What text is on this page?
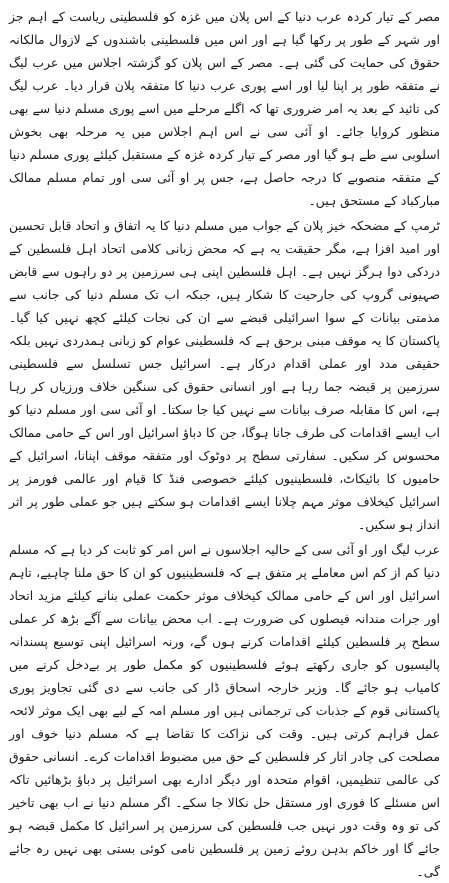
مصر کے تیار کردہ عرب دنیا کے اس پلان میں غزہ کو فلسطینی ریاست کے اہم جز اور شہر کے طور پر رکھا گیا ہے اور اس میں فلسطینی باشندوں کے لازوال مالکانہ حقوق کی حمایت کی گئی ہے۔ مصر کے اس پلان کو گزشتہ اجلاس میں عرب لیگ نے متفقہ طور پر اپنا لیا اور اسے پوری عرب دنیا کا متفقہ پلان قرار دیا۔ عرب لیگ کی تائید کے بعد یہ امر ضروری تھا کہ اگلے مرحلے میں اسے پوری مسلم دنیا سے بھی منظور کروایا جائے۔ او آئی سی نے اس اہم اجلاس میں یہ مرحلہ بھی بخوش اسلوبی سے طے ہو گیا اور مصر کے تیار کردہ غزہ کے مستقبل کیلئے پوری مسلم دنیا کے متفقہ منصوبے کا درجہ حاصل ہے، جس پر او آئی سی اور تمام مسلم ممالک مبارکباد کے مستحق ہیں۔

ٹرمپ کے مضحکہ خیز پلان کے جواب میں مسلم دنیا کا یہ اتفاق و اتحاد قابل تحسین اور امید افزا ہے، مگر حقیقت یہ ہے کہ محض زبانی کلامی اتحاد اہل فلسطین کے دردکی دوا ہرگز نہیں ہے۔ اہل فلسطین اپنی ہی سرزمین پر دو راہوں سے قابض صہیونی گروپ کی جارحیت کا شکار ہیں، جبکہ اب تک مسلم دنیا کی جانب سے مذمتی بیانات کے سوا اسرائیلی قبضے سے ان کی نجات کیلئے کچھ نہیں کیا گیا۔ پاکستان کا یہ موقف مبنی برحق ہے کہ فلسطینی عوام کو زبانی ہمدردی نہیں بلکہ حقیقی مدد اور عملی اقدام درکار ہے۔ اسرائیل جس تسلسل سے فلسطینی سرزمین پر قبضہ جما رہا ہے اور انسانی حقوق کی سنگین خلاف ورزیاں کر رہا ہے، اس کا مقابلہ صرف بیانات سے نہیں کیا جا سکتا۔ او آئی سی اور مسلم دنیا کو اب ایسے اقدامات کی طرف جانا ہوگا، جن کا دباؤ اسرائیل اور اس کے حامی ممالک محسوس کر سکیں۔ سفارتی سطح پر دوٹوک اور متفقہ موقف اپنانا، اسرائیل کے حامیوں کا بائیکاٹ، فلسطینیوں کیلئے خصوصی فنڈ کا قیام اور عالمی فورمز پر اسرائیل کیخلاف موثر مہم چلانا ایسے اقدامات ہو سکتے ہیں جو عملی طور پر اثر انداز ہو سکیں۔

عرب لیگ اور او آئی سی کے حالیہ اجلاسوں نے اس امر کو ثابت کر دیا ہے کہ مسلم دنیا کم از کم اس معاملے پر متفق ہے کہ فلسطینیوں کو ان کا حق ملنا چاہیے، تاہم اسرائیل اور اس کے حامی ممالک کیخلاف موثر حکمت عملی بنانے کیلئے مزید اتحاد اور جرات مندانہ فیصلوں کی ضرورت ہے۔ اب محض بیانات سے آگے بڑھ کر عملی سطح پر فلسطین کیلئے اقدامات کرنے ہوں گے، ورنہ اسرائیل اپنی توسیع پسندانہ پالیسیوں کو جاری رکھتے ہوئے فلسطینیوں کو مکمل طور پر بےدخل کرنے میں کامیاب ہو جائے گا۔ وزیر خارجہ اسحاق ڈار کی جانب سے دی گئی تجاویز پوری پاکستانی قوم کے جذبات کی ترجمانی ہیں اور مسلم امہ کے لیے بھی ایک موثر لائحہ عمل فراہم کرتی ہیں۔ وقت کی نزاکت کا تقاضا ہے کہ مسلم دنیا خوف اور مصلحت کی چادر اتار کر فلسطین کے حق میں مضبوط اقدامات کرے۔ انسانی حقوق کی عالمی تنظیمیں، اقوام متحدہ اور دیگر ادارے بھی اسرائیل پر دباؤ بڑھائیں تاکہ اس مسئلے کا فوری اور مستقل حل نکالا جا سکے۔ اگر مسلم دنیا نے اب بھی تاخیر کی تو وہ وقت دور نہیں جب فلسطین کی سرزمین پر اسرائیل کا مکمل قبضہ ہو جائے گا اور خاکم بدہن روئے زمین پر فلسطین نامی کوئی بستی بھی نہیں رہ جائے گی۔
